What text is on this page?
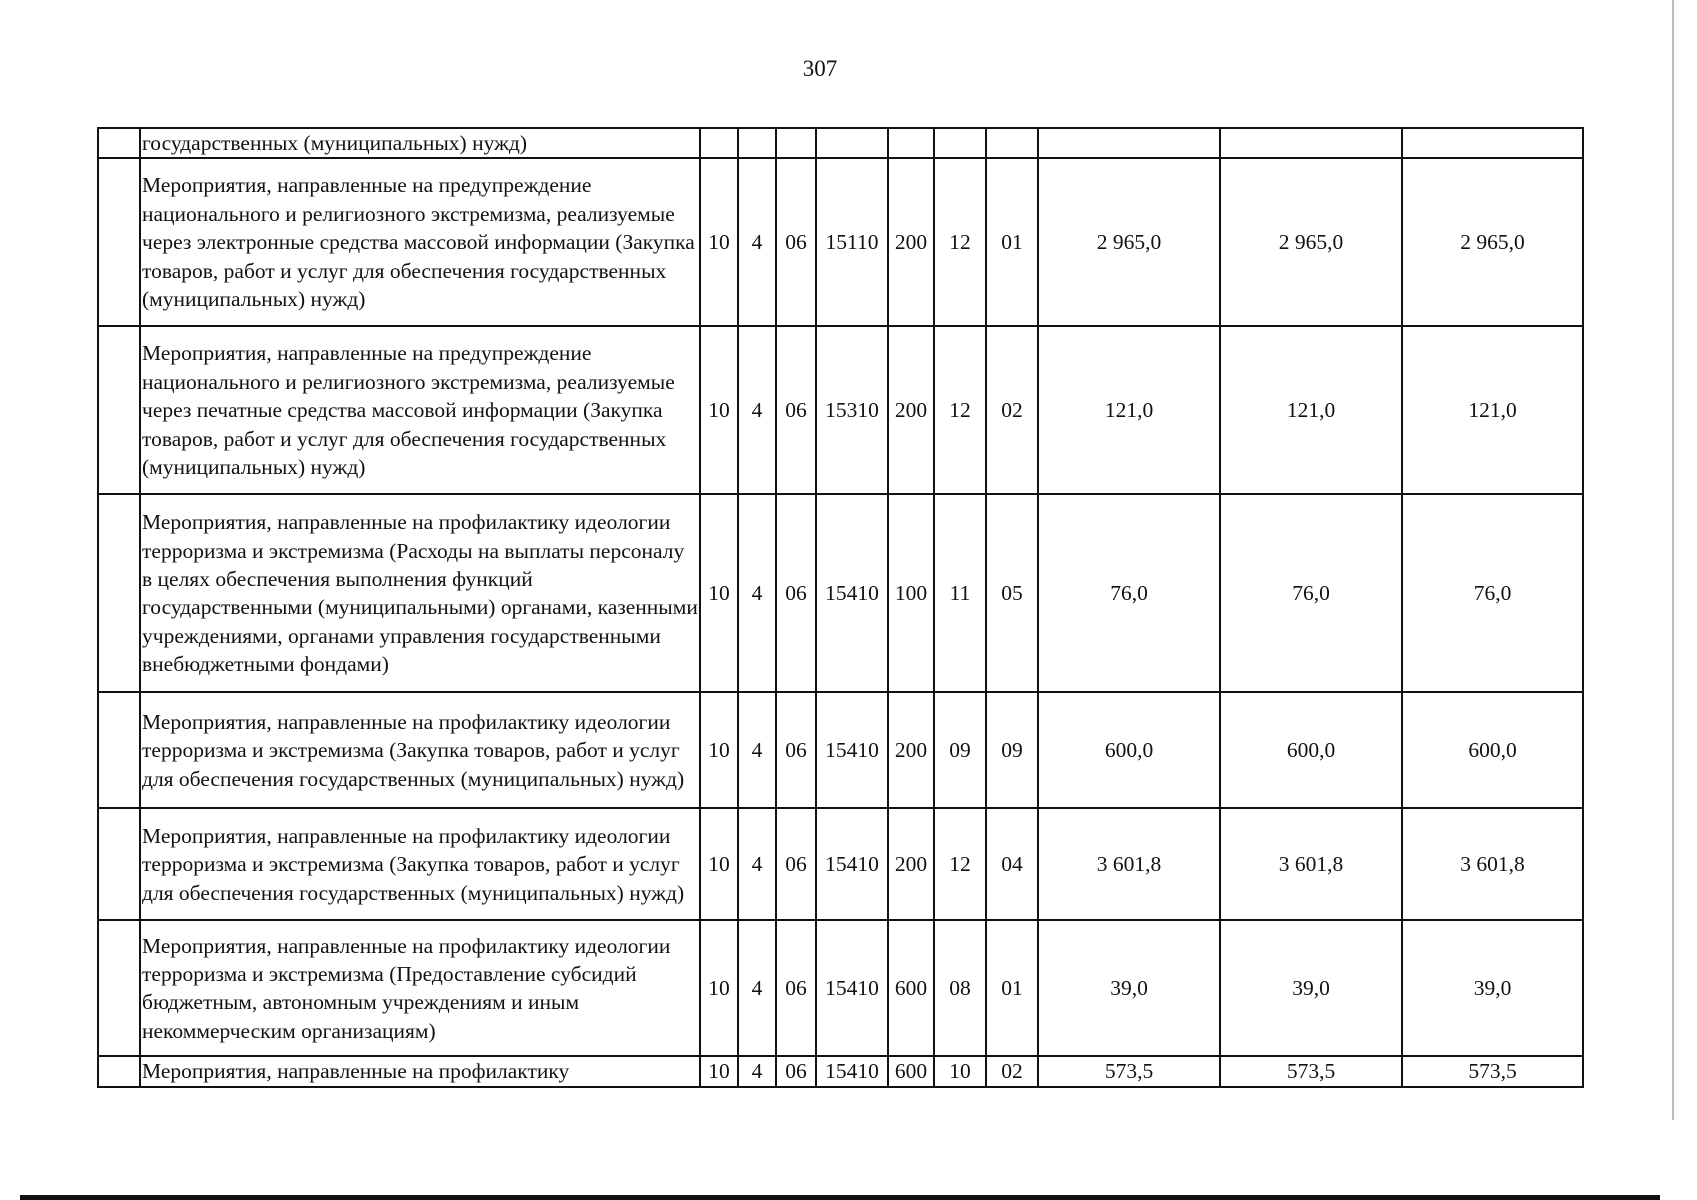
307
	государственных (муниципальных) нужд)										
	Мероприятия, направленные на предупреждение национального и религиозного экстремизма, реализуемые через электронные средства массовой информации (Закупка товаров, работ и услуг для обеспечения государственных (муниципальных) нужд)	10	4	06	15110	200	12	01	2 965,0	2 965,0	2 965,0
	Мероприятия, направленные на предупреждение национального и религиозного экстремизма, реализуемые через печатные средства массовой информации (Закупка товаров, работ и услуг для обеспечения государственных (муниципальных) нужд)	10	4	06	15310	200	12	02	121,0	121,0	121,0
	Мероприятия, направленные на профилактику идеологии терроризма и экстремизма (Расходы на выплаты персоналу в целях обеспечения выполнения функций государственными (муниципальными) органами, казенными учреждениями, органами управления государственными внебюджетными фондами)	10	4	06	15410	100	11	05	76,0	76,0	76,0
	Мероприятия, направленные на профилактику идеологии терроризма и экстремизма (Закупка товаров, работ и услуг для обеспечения государственных (муниципальных) нужд)	10	4	06	15410	200	09	09	600,0	600,0	600,0
	Мероприятия, направленные на профилактику идеологии терроризма и экстремизма (Закупка товаров, работ и услуг для обеспечения государственных (муниципальных) нужд)	10	4	06	15410	200	12	04	3 601,8	3 601,8	3 601,8
	Мероприятия, направленные на профилактику идеологии терроризма и экстремизма (Предоставление субсидий бюджетным, автономным учреждениям и иным некоммерческим организациям)	10	4	06	15410	600	08	01	39,0	39,0	39,0
	Мероприятия, направленные на профилактику	10	4	06	15410	600	10	02	573,5	573,5	573,5
